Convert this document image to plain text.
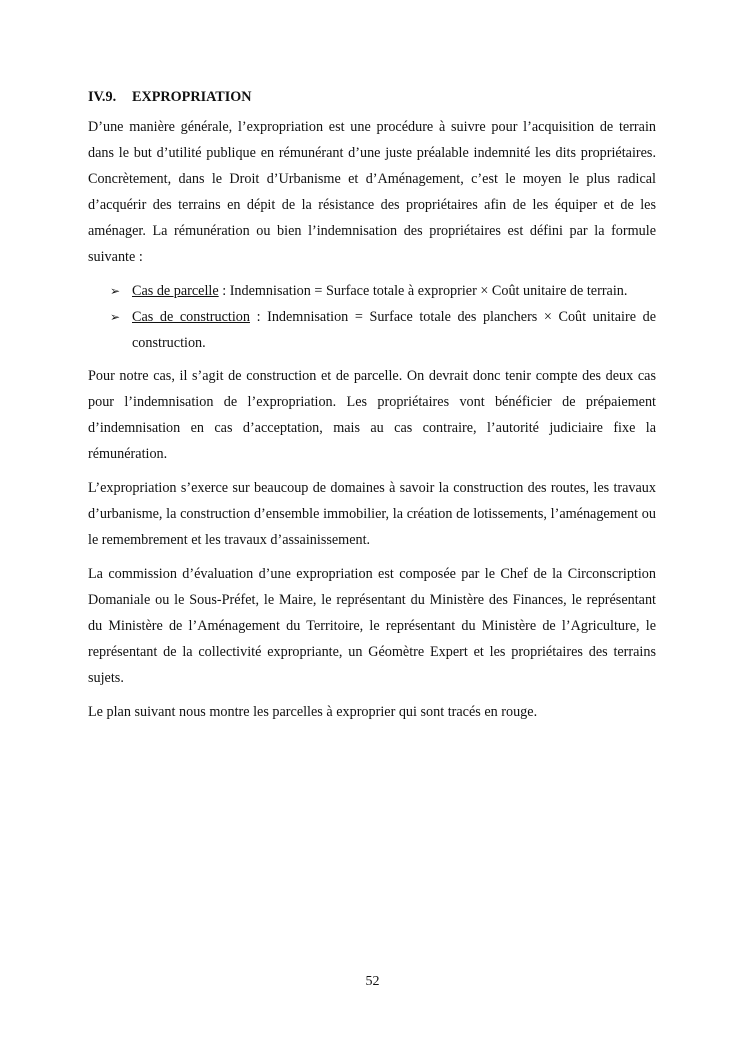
IV.9. EXPROPRIATION

D’une manière générale, l’expropriation est une procédure à suivre pour l’acquisition de terrain dans le but d’utilité publique en rémunérant d’une juste préalable indemnité les dits propriétaires. Concrètement, dans le Droit d’Urbanisme et d’Aménagement, c’est le moyen le plus radical d’acquérir des terrains en dépit de la résistance des propriétaires afin de les équiper et de les aménager. La rémunération ou bien l’indemnisation des propriétaires est défini par la formule suivante :

➢ Cas de parcelle : Indemnisation = Surface totale à exproprier × Coût unitaire de terrain.
➢ Cas de construction : Indemnisation = Surface totale des planchers × Coût unitaire de construction.

Pour notre cas, il s’agit de construction et de parcelle. On devrait donc tenir compte des deux cas pour l’indemnisation de l’expropriation. Les propriétaires vont bénéficier de prépaiement d’indemnisation en cas d’acceptation, mais au cas contraire, l’autorité judiciaire fixe la rémunération.

L’expropriation s’exerce sur beaucoup de domaines à savoir la construction des routes, les travaux d’urbanisme, la construction d’ensemble immobilier, la création de lotissements, l’aménagement ou le remembrement et les travaux d’assainissement.

La commission d’évaluation d’une expropriation est composée par le Chef de la Circonscription Domaniale ou le Sous-Préfet, le Maire, le représentant du Ministère des Finances, le représentant du Ministère de l’Aménagement du Territoire, le représentant du Ministère de l’Agriculture, le représentant de la collectivité expropriante, un Géomètre Expert et les propriétaires des terrains sujets.

Le plan suivant nous montre les parcelles à exproprier qui sont tracés en rouge.

52
